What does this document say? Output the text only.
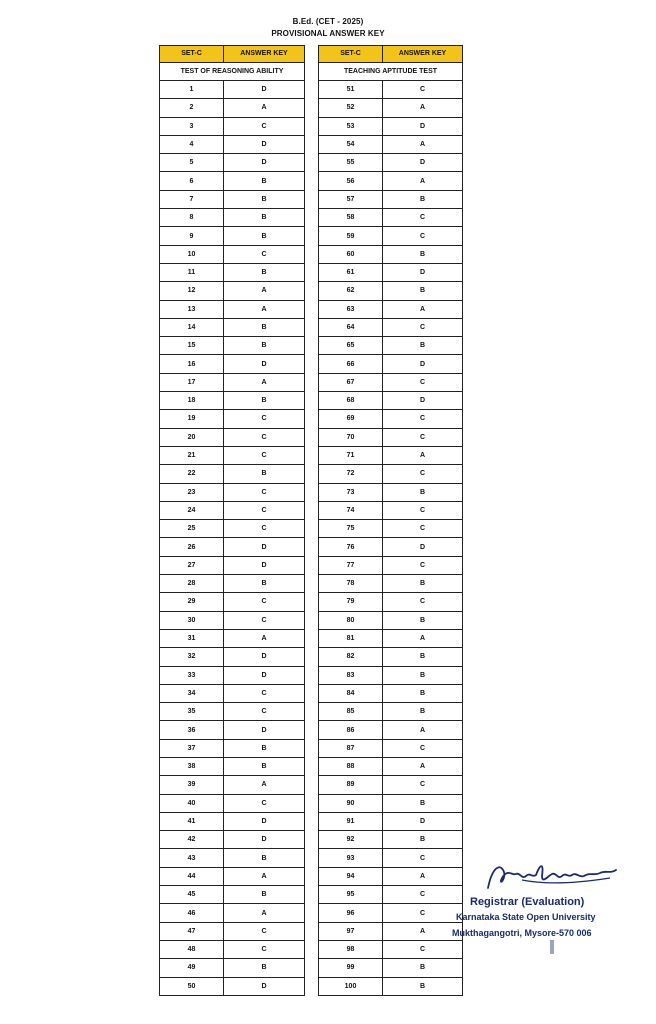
B.Ed. (CET - 2025)
PROVISIONAL ANSWER KEY
SET-C	ANSWER KEY
TEST OF REASONING ABILITY	
1	D
2	A
3	C
4	D
5	D
6	B
7	B
8	B
9	B
10	C
11	B
12	A
13	A
14	B
15	B
16	D
17	A
18	B
19	C
20	C
21	C
22	B
23	C
24	C
25	C
26	D
27	D
28	B
29	C
30	C
31	A
32	D
33	D
34	C
35	C
36	D
37	B
38	B
39	A
40	C
41	D
42	D
43	B
44	A
45	B
46	A
47	C
48	C
49	B
50	D
SET-C	ANSWER KEY
TEACHING APTITUDE TEST	
51	C
52	A
53	D
54	A
55	D
56	A
57	B
58	C
59	C
60	B
61	D
62	B
63	A
64	C
65	B
66	D
67	C
68	D
69	C
70	C
71	A
72	C
73	B
74	C
75	C
76	D
77	C
78	B
79	C
80	B
81	A
82	B
83	B
84	B
85	B
86	A
87	C
88	A
89	C
90	B
91	D
92	B
93	C
94	A
95	C
96	C
97	A
98	C
99	B
100	B
Registrar (Evaluation)
Karnataka State Open University
Mukthagangotri, Mysore-570 006
